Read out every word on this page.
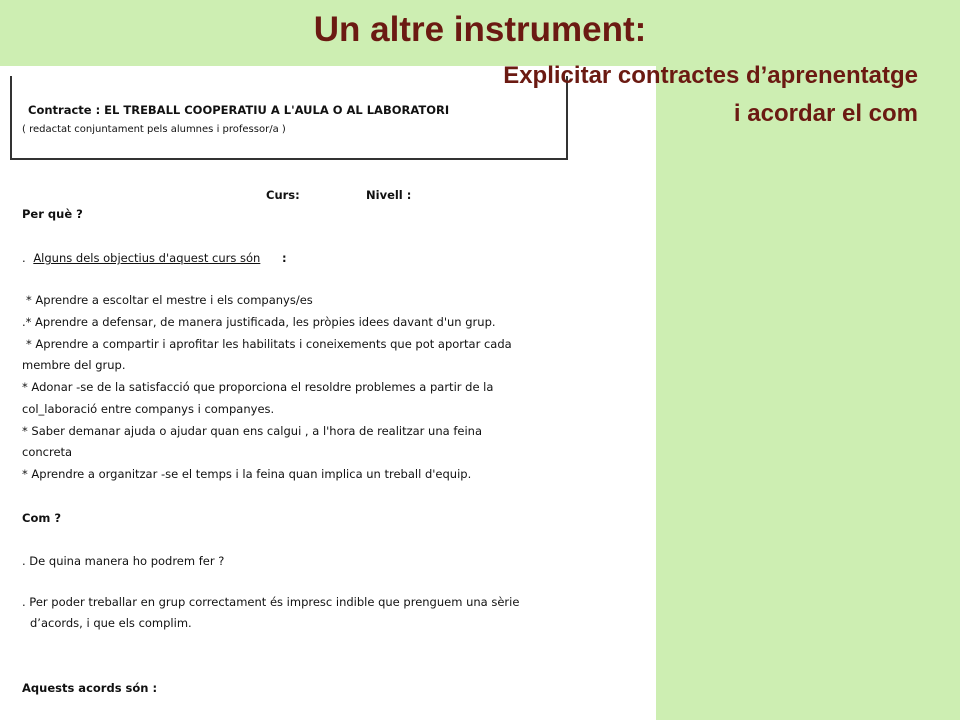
Contracte : EL TREBALL COOPERATIU A L'AULA O AL LABORATORI
( redactat conjuntament pels alumnes i professor/a )
Curs:	Nivell :
Per què ?
. Alguns dels objectius d'aquest curs són :
* Aprendre a escoltar el mestre i els companys/es
.* Aprendre a defensar, de manera justificada, les pròpies idees davant d'un grup.
* Aprendre a compartir i aprofitar les habilitats i coneixements que pot aportar cada
membre del grup.
* Adonar -se de la satisfacció que proporciona el resoldre problemes a partir de la
col_laboració entre companys i companyes.
* Saber demanar ajuda o ajudar quan ens calgui , a l'hora de realitzar una feina
concreta
* Aprendre a organitzar -se el temps i la feina quan implica un treball d'equip.
Com ?
. De quina manera ho podrem fer ?
. Per poder treballar en grup correctament és impresc indible que prenguem una sèrie
d’acords, i que els complim.
Aquests acords són :
Un altre instrument:
Explicitar contractes d’aprenentatge
i acordar el com
